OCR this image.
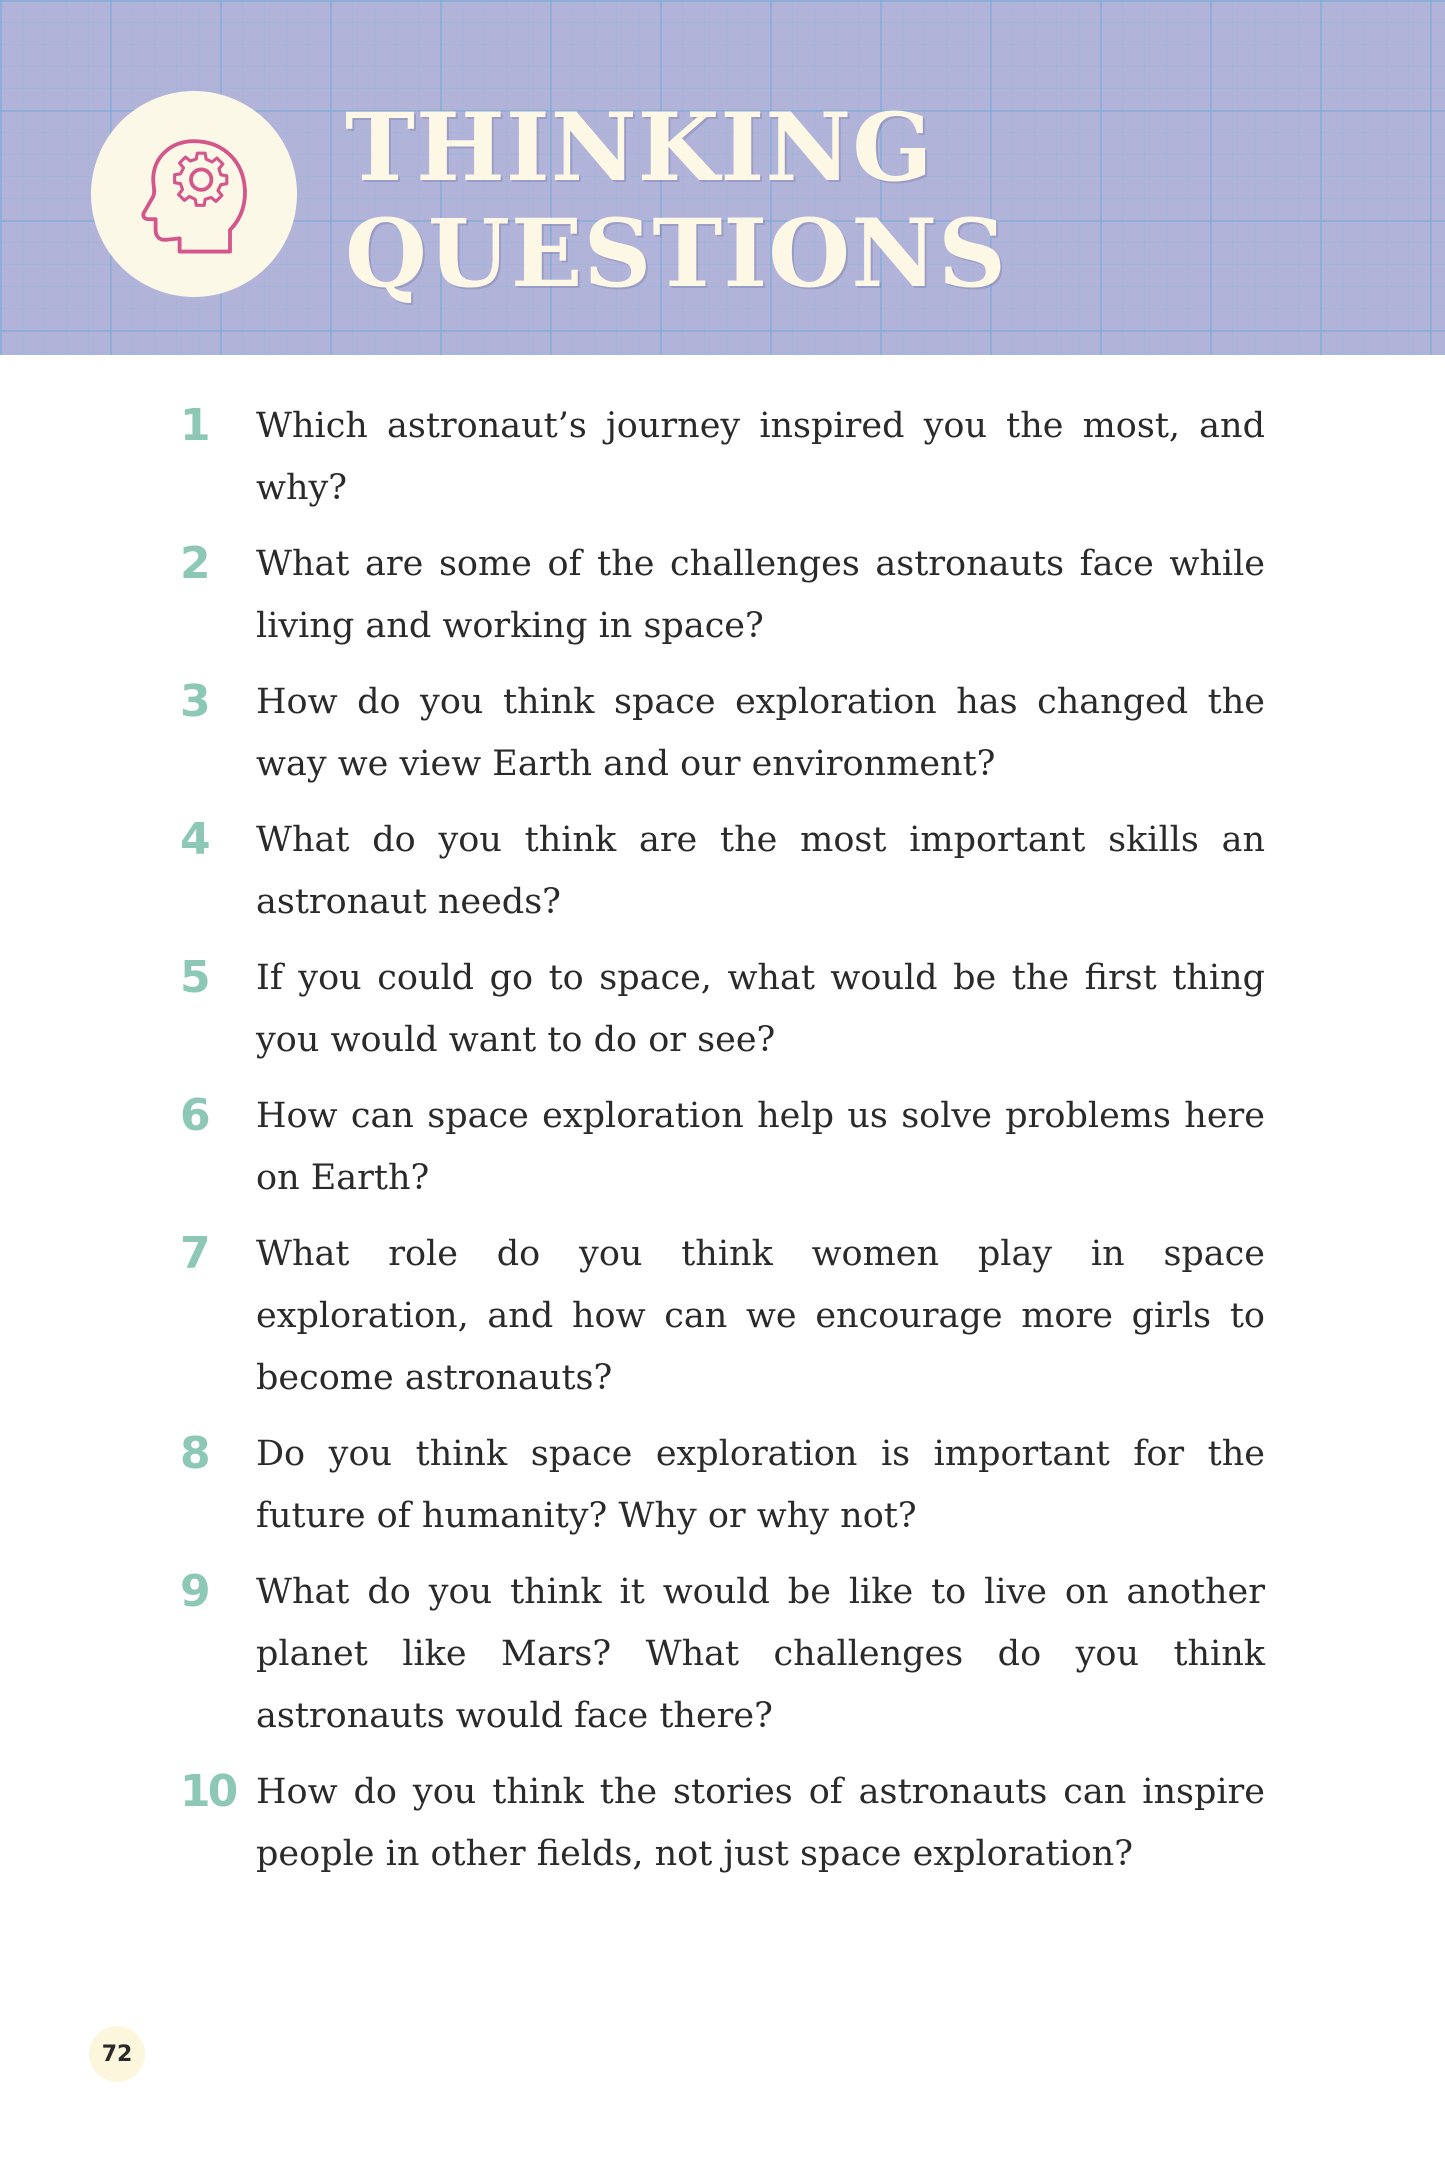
THINKING
QUESTIONS
1 Which astronaut’s journey inspired you the most, and why?
2 What are some of the challenges astronauts face while living and working in space?
3 How do you think space exploration has changed the way we view Earth and our environment?
4 What do you think are the most important skills an astronaut needs?
5 If you could go to space, what would be the first thing you would want to do or see?
6 How can space exploration help us solve problems here on Earth?
7 What role do you think women play in space exploration, and how can we encourage more girls to become astronauts?
8 Do you think space exploration is important for the future of humanity? Why or why not?
9 What do you think it would be like to live on another planet like Mars? What challenges do you think astronauts would face there?
10 How do you think the stories of astronauts can inspire people in other fields, not just space exploration?
72
